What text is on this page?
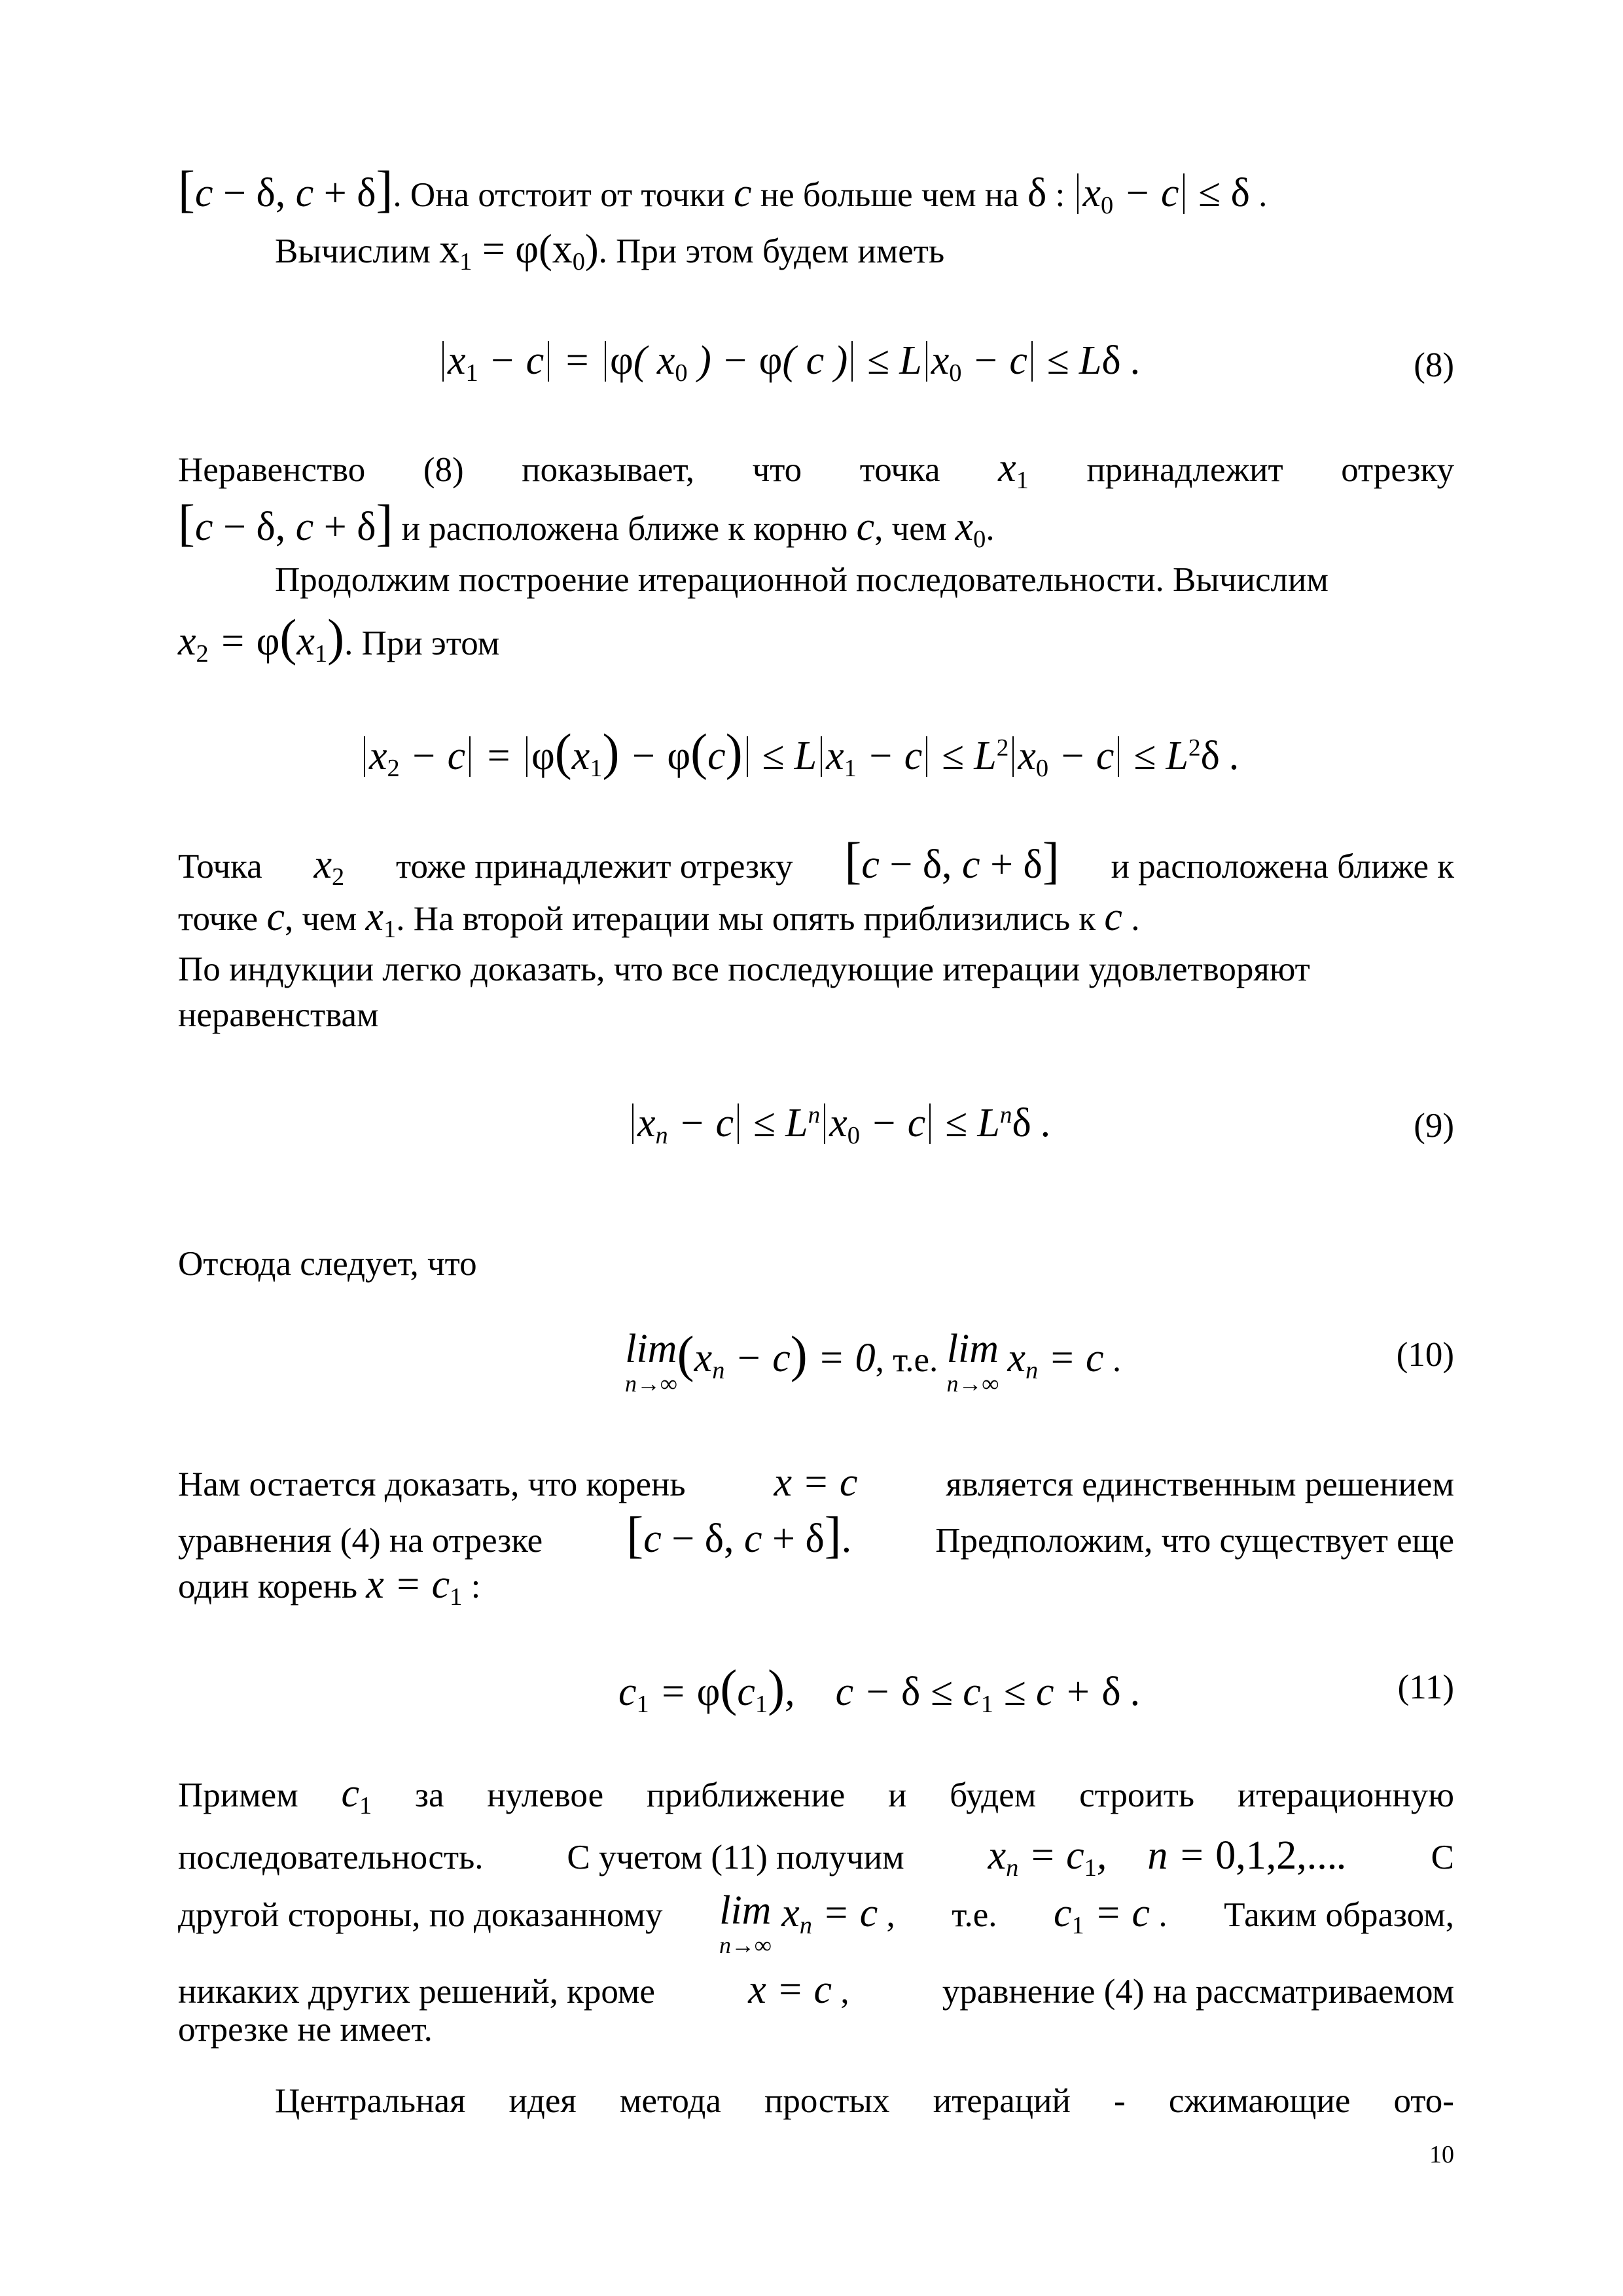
[c − δ, c + δ]. Она отстоит от точки c не больше чем на δ : $x_0 - c \le \delta$ .
Вычислим $x_1 = \varphi(x_0)$. При этом будем иметь
$x_1 - c = \varphi$( $x_0$ ) − φ( c ) ≤ L $x_0 - c \le L\delta$ .	(8)
Неравенство (8) показывает, что точка $x_1$ принадлежит отрезку
[c − δ, c + δ] и расположена ближе к корню c, чем $x_0$.
Продолжим построение итерационной последовательности. Вычислим
$x_2 = \varphi(x_1)$. При этом
$x_2 - c = \varphi(x_1) - \varphi(c) \le L$ $x_1 - c \le L^2$ $x_0 - c \le L^2\delta$ .
Точка $x_2$ тоже принадлежит отрезку [c − δ, c + δ] и расположена ближе к
точке c, чем $x_1$. На второй итерации мы опять приблизились к c .
По индукции легко доказать, что все последующие итерации удовлетворяют
неравенствам
xn − $c \le L^n$ $x_0 - c \le L^n\delta$ .	(9)
Отсюда следует, что
lim
n→∞
(xn − c) = 0, т.е. lim
n→∞
xn = c .	(10)
Нам остается доказать, что корень x = c	является единственным решением
уравнения (4) на отрезке [c − δ, c + δ]. Предположим, что существует еще
один корень $x = c_1$ :
$c_1 = \varphi(c_1)$,    $c - \delta \le c_1 \le c + \delta$ .	(11)
Примем $c_1$ за нулевое приближение и будем строить итерационную
последовательность. С учетом (11) получим xn = $c_1$,    n = 0,1,2,.... С
другой стороны, по доказанному lim
n→∞
xn = c , т.е. $c_1 = c$ . Таким образом,
никаких других решений, кроме x = c ,	уравнение (4) на рассматриваемом
отрезке не имеет.
Центральная идея метода простых итераций - сжимающие ото-
10
